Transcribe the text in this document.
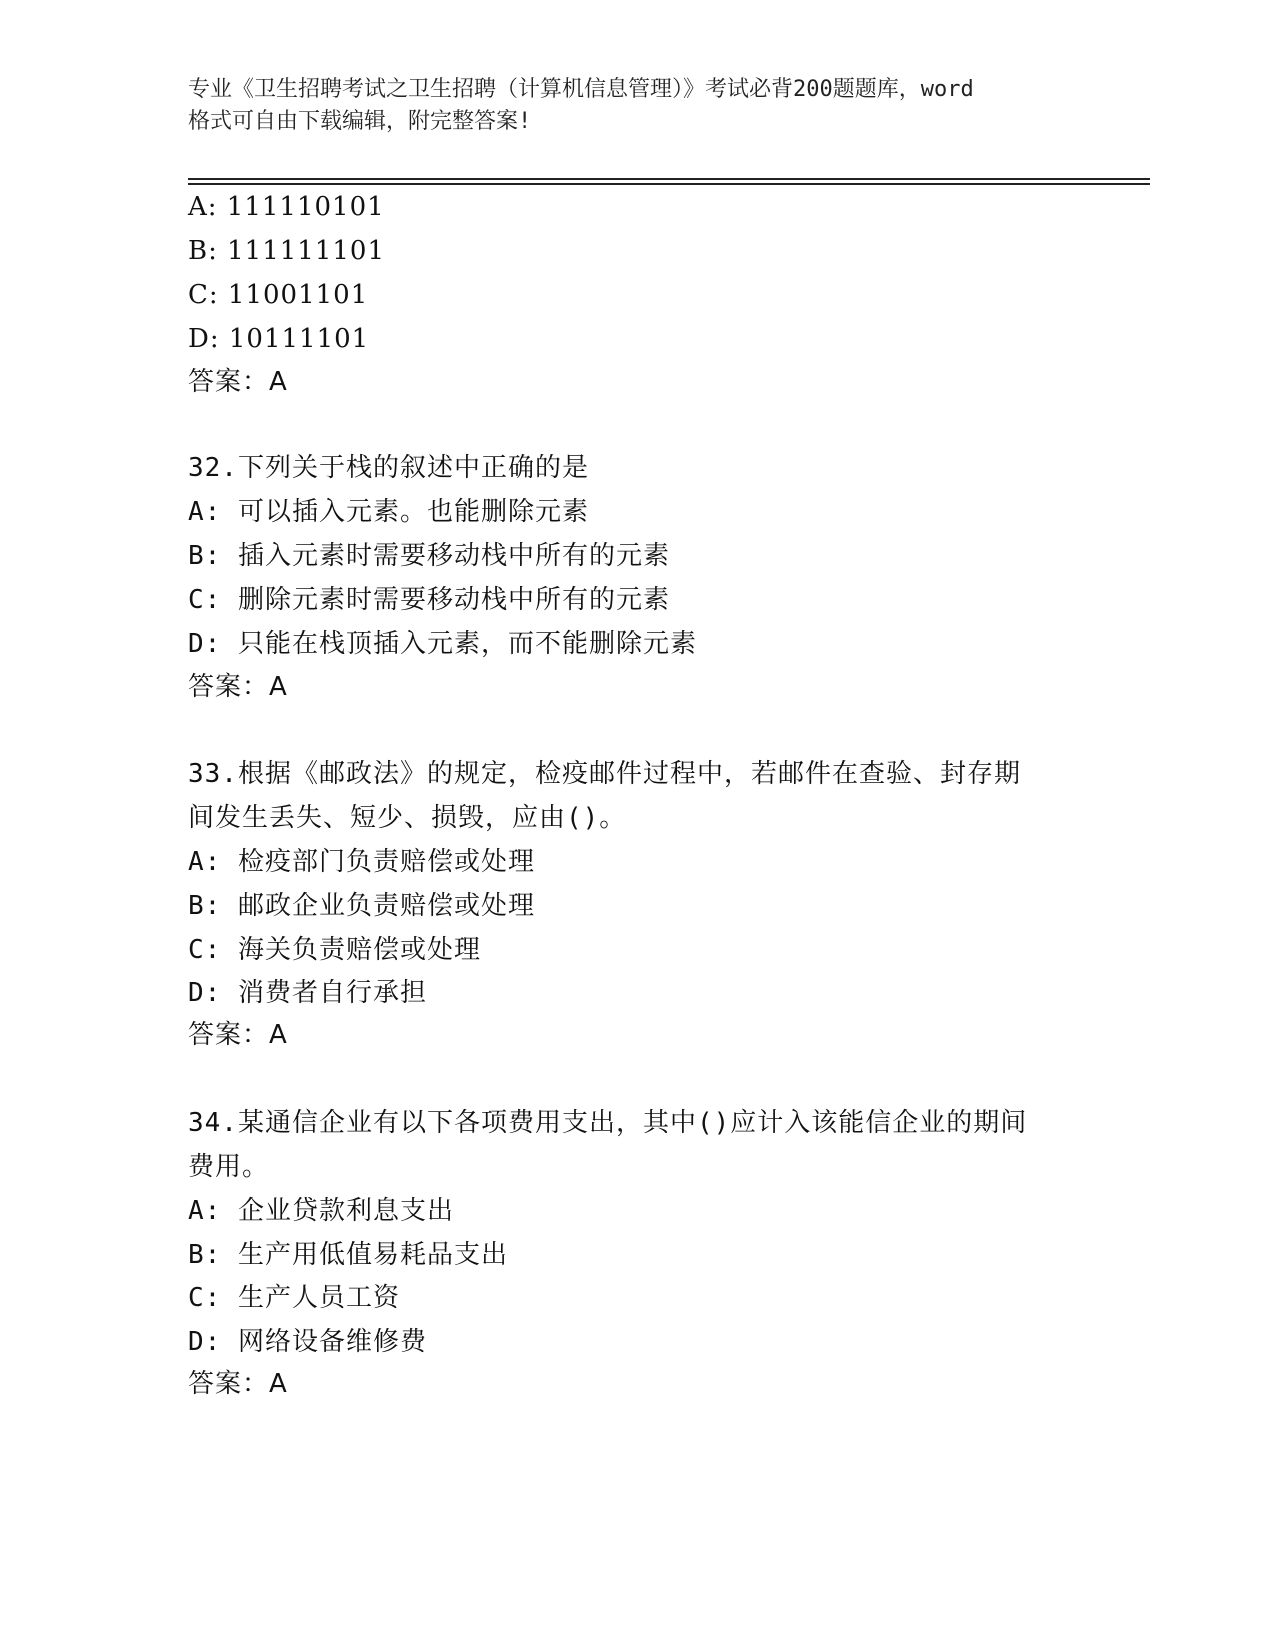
专业《卫生招聘考试之卫生招聘（计算机信息管理）》考试必背200题题库，word
格式可自由下载编辑，附完整答案!
A: 111110101
B: 111111101
C: 11001101
D: 10111101
答案：A
32.下列关于栈的叙述中正确的是
A: 可以插入元素。也能删除元素
B: 插入元素时需要移动栈中所有的元素
C: 删除元素时需要移动栈中所有的元素
D: 只能在栈顶插入元素，而不能删除元素
答案：A
33.根据《邮政法》的规定，检疫邮件过程中，若邮件在查验、封存期
间发生丢失、短少、损毁，应由()。
A: 检疫部门负责赔偿或处理
B: 邮政企业负责赔偿或处理
C: 海关负责赔偿或处理
D: 消费者自行承担
答案：A
34.某通信企业有以下各项费用支出，其中()应计入该能信企业的期间
费用。
A: 企业贷款利息支出
B: 生产用低值易耗品支出
C: 生产人员工资
D: 网络设备维修费
答案：A
